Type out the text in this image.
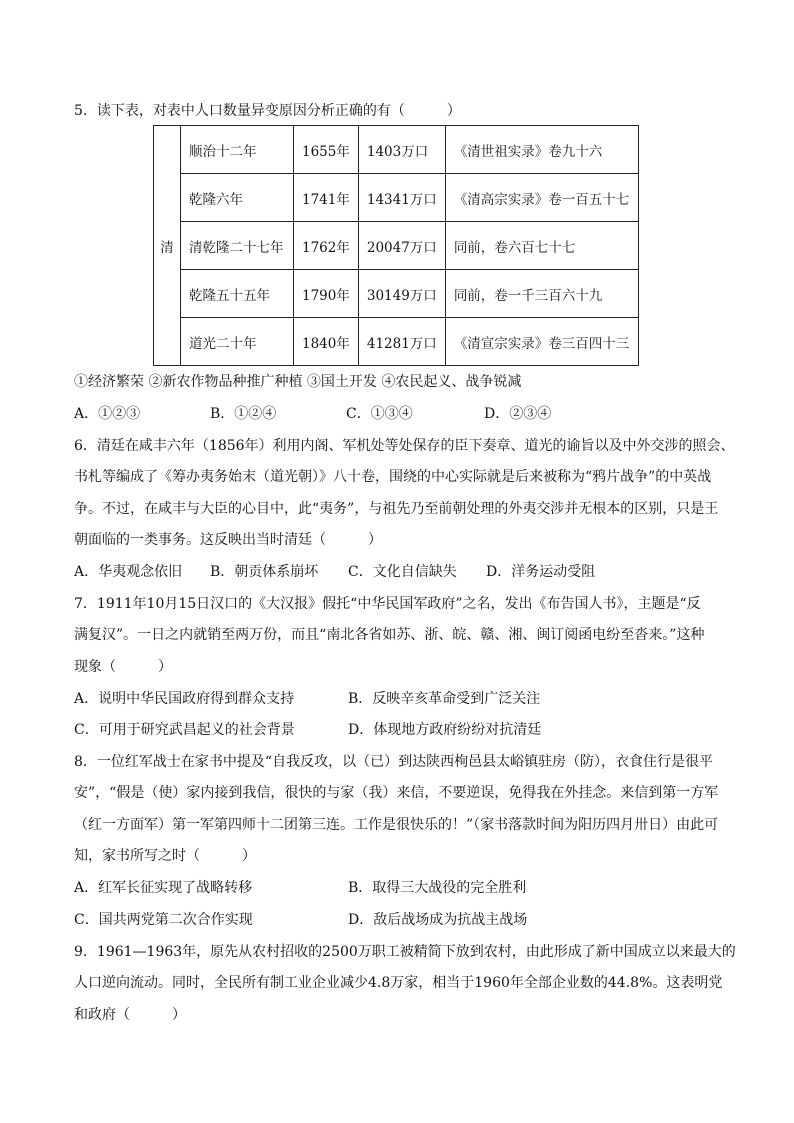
5．读下表，对表中人口数量异变原因分析正确的有（　　　）
清	顺治十二年	1655年	1403万口	《清世祖实录》卷九十六
	乾隆六年	1741年	14341万口	《清高宗实录》卷一百五十七
	清乾隆二十七年	1762年	20047万口	同前，卷六百七十七
	乾隆五十五年	1790年	30149万口	同前，卷一千三百六十九
	道光二十年	1840年	41281万口	《清宣宗实录》卷三百四十三
①经济繁荣 ②新农作物品种推广种植 ③国土开发 ④农民起义、战争锐减
A．①②③	B．①②④	C．①③④	D．②③④
6．清廷在咸丰六年（1856年）利用内阁、军机处等处保存的臣下奏章、道光的谕旨以及中外交涉的照会、
书札等编成了《筹办夷务始末（道光朝）》八十卷，围绕的中心实际就是后来被称为“鸦片战争”的中英战
争。不过，在咸丰与大臣的心目中，此“夷务”，与祖先乃至前朝处理的外夷交涉并无根本的区别，只是王
朝面临的一类事务。这反映出当时清廷（　　　）
A．华夷观念依旧 B．朝贡体系崩坏 C．文化自信缺失 D．洋务运动受阻
7．1911年10月15日汉口的《大汉报》假托“中华民国军政府”之名，发出《布告国人书》，主题是“反
满复汉”。一日之内就销至两万份，而且“南北各省如苏、浙、皖、赣、湘、闽订阅函电纷至沓来。”这种
现象（　　　）
A．说明中华民国政府得到群众支持	B．反映辛亥革命受到广泛关注
C．可用于研究武昌起义的社会背景	D．体现地方政府纷纷对抗清廷
8．一位红军战士在家书中提及“自我反攻，以（已）到达陕西栒邑县太峪镇驻房（防），衣食住行是很平
安”，“假是（使）家内接到我信，很快的与家（我）来信，不要逆误，免得我在外挂念。来信到第一方军
（红一方面军）第一军第四师十二团第三连。工作是很快乐的！”（家书落款时间为阳历四月卅日）由此可
知，家书所写之时（　　　）
A．红军长征实现了战略转移	B．取得三大战役的完全胜利
C．国共两党第二次合作实现	D．敌后战场成为抗战主战场
9．1961—1963年，原先从农村招收的2500万职工被精简下放到农村，由此形成了新中国成立以来最大的
人口逆向流动。同时，全民所有制工业企业减少4.8万家，相当于1960年全部企业数的44.8%。这表明党
和政府（　　　）
